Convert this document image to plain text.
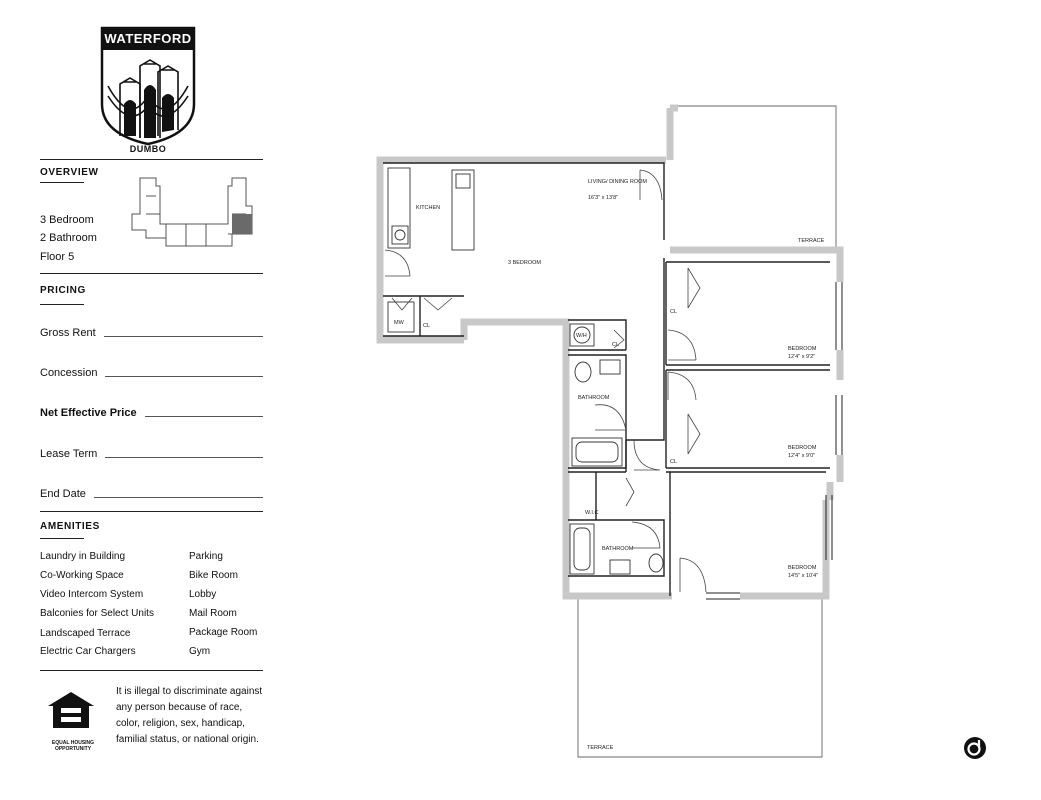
WATERFORD
DUMBO
OVERVIEW
3 Bedroom
2 Bathroom
Floor 5
PRICING
Gross Rent
Concession
Net Effective Price
Lease Term
End Date
AMENITIES
Laundry in Building
Co-Working Space
Video Intercom System
Balconies for Select Units
Landscaped Terrace
Electric Car Chargers
Parking
Bike Room
Lobby
Mail Room
Package Room
Gym
EQUAL HOUSING OPPORTUNITY
It is illegal to discriminate against any person because of race, color, religion, sex, handicap, familial status, or national origin.
KITCHEN
LIVING/ DINING ROOM
16'3" x 13'8"
3 BEDROOM
TERRACE
BEDROOM
12'4" x 9'2"
BEDROOM
12'4" x 9'0"
BEDROOM
14'5" x 10'4"
BATHROOM
BATHROOM
W.I.C
MW
W/H
CL
CL
CL
CL
TERRACE
